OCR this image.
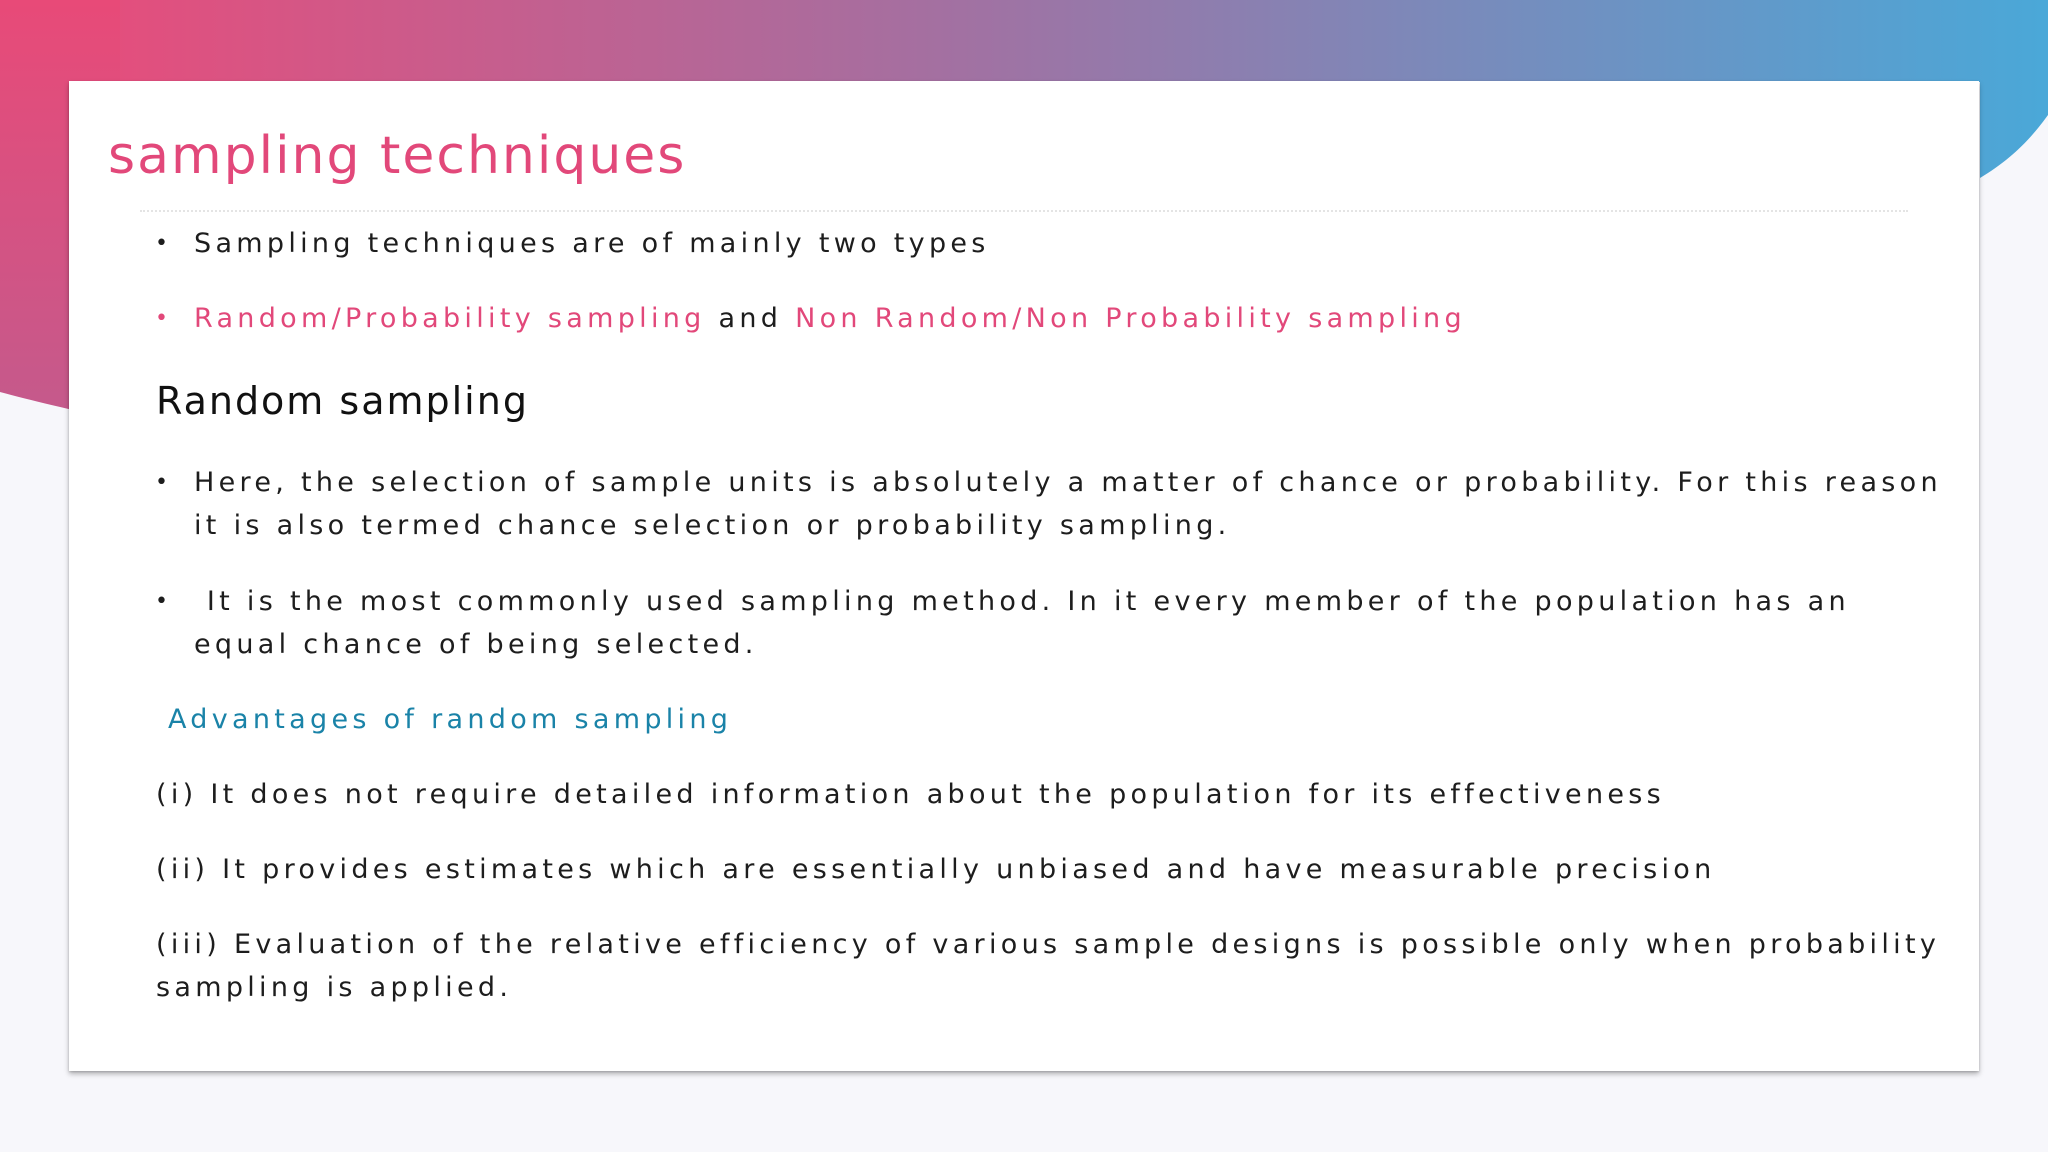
sampling techniques
• Sampling techniques are of mainly two types
• Random/Probability sampling and Non Random/Non Probability sampling
Random sampling
• Here, the selection of sample units is absolutely a matter of chance or probability. For this reason
it is also termed chance selection or probability sampling.
• It is the most commonly used sampling method. In it every member of the population has an
equal chance of being selected.
Advantages of random sampling
(i) It does not require detailed information about the population for its effectiveness
(ii) It provides estimates which are essentially unbiased and have measurable precision
(iii) Evaluation of the relative efficiency of various sample designs is possible only when probability
sampling is applied.
